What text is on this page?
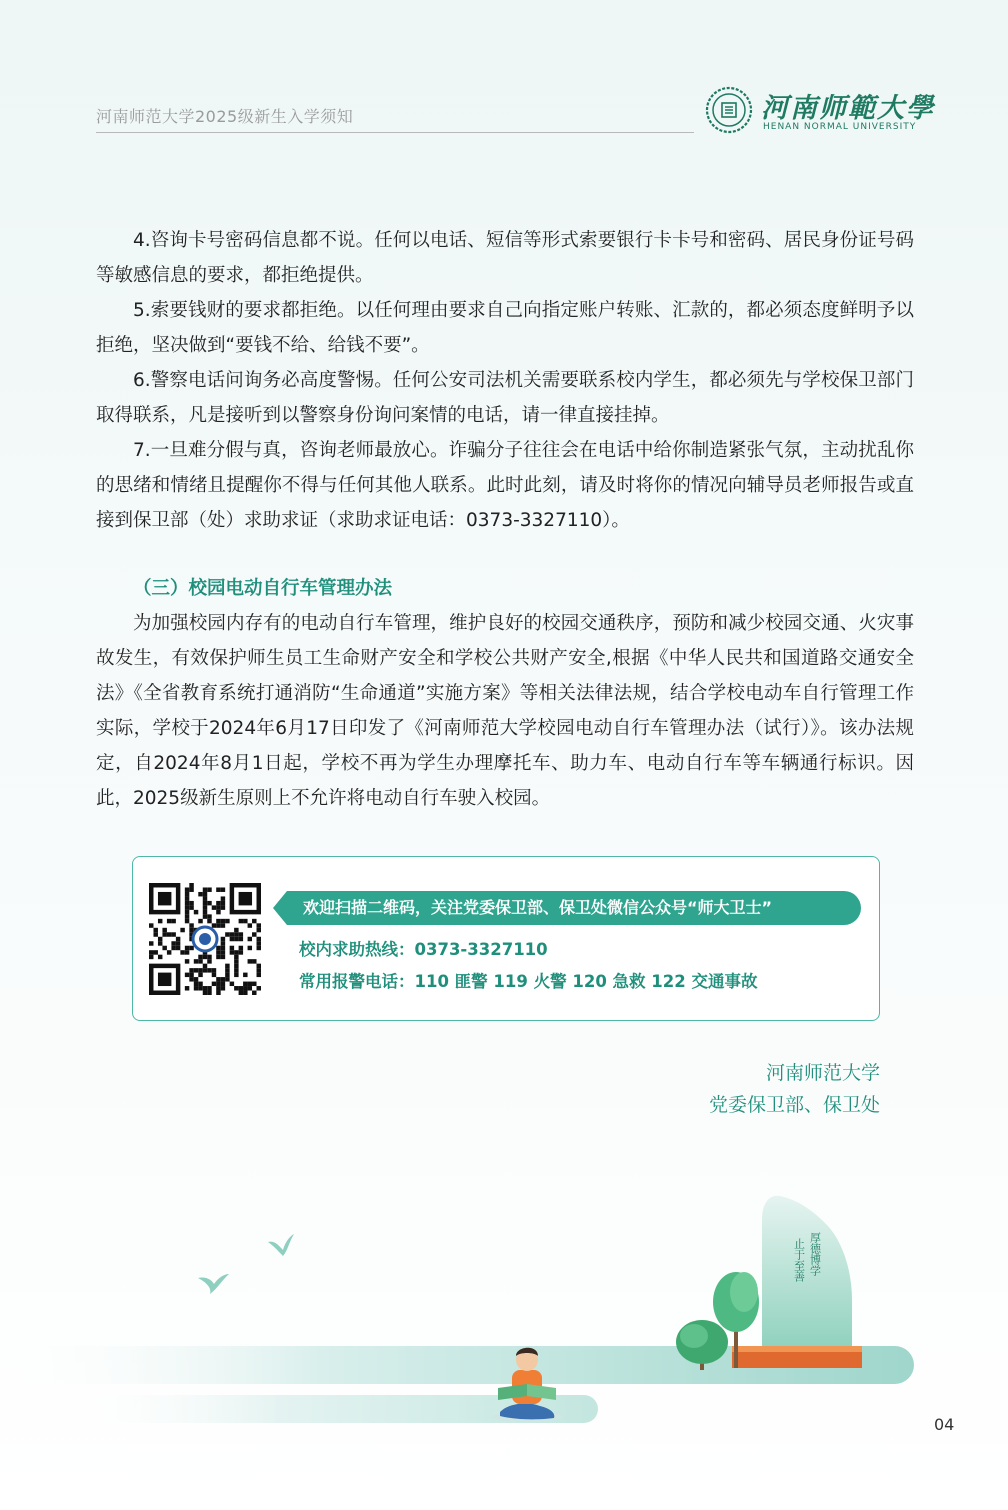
河南师范大学2025级新生入学须知	河南师範大學
HENAN NORMAL UNIVERSITY

4.咨询卡号密码信息都不说。任何以电话、短信等形式索要银行卡卡号和密码、居民身份证号码等敏感信息的要求，都拒绝提供。

5.索要钱财的要求都拒绝。以任何理由要求自己向指定账户转账、汇款的，都必须态度鲜明予以拒绝，坚决做到“要钱不给、给钱不要”。

6.警察电话问询务必高度警惕。任何公安司法机关需要联系校内学生，都必须先与学校保卫部门取得联系，凡是接听到以警察身份询问案情的电话，请一律直接挂掉。

7.一旦难分假与真，咨询老师最放心。诈骗分子往往会在电话中给你制造紧张气氛，主动扰乱你的思绪和情绪且提醒你不得与任何其他人联系。此时此刻，请及时将你的情况向辅导员老师报告或直接到保卫部（处）求助求证（求助求证电话：0373-3327110）。

（三）校园电动自行车管理办法

为加强校园内存有的电动自行车管理，维护良好的校园交通秩序，预防和减少校园交通、火灾事故发生，有效保护师生员工生命财产安全和学校公共财产安全,根据《中华人民共和国道路交通安全法》《全省教育系统打通消防“生命通道”实施方案》等相关法律法规，结合学校电动车自行管理工作实际，学校于2024年6月17日印发了《河南师范大学校园电动自行车管理办法（试行）》。该办法规定，自2024年8月1日起，学校不再为学生办理摩托车、助力车、电动自行车等车辆通行标识。因此，2025级新生原则上不允许将电动自行车驶入校园。

欢迎扫描二维码，关注党委保卫部、保卫处微信公众号“师大卫士”
校内求助热线：0373-3327110
常用报警电话：110 匪警 119 火警 120 急救 122 交通事故
河南师范大学
党委保卫部、保卫处
厚德博学
止于至善
04
